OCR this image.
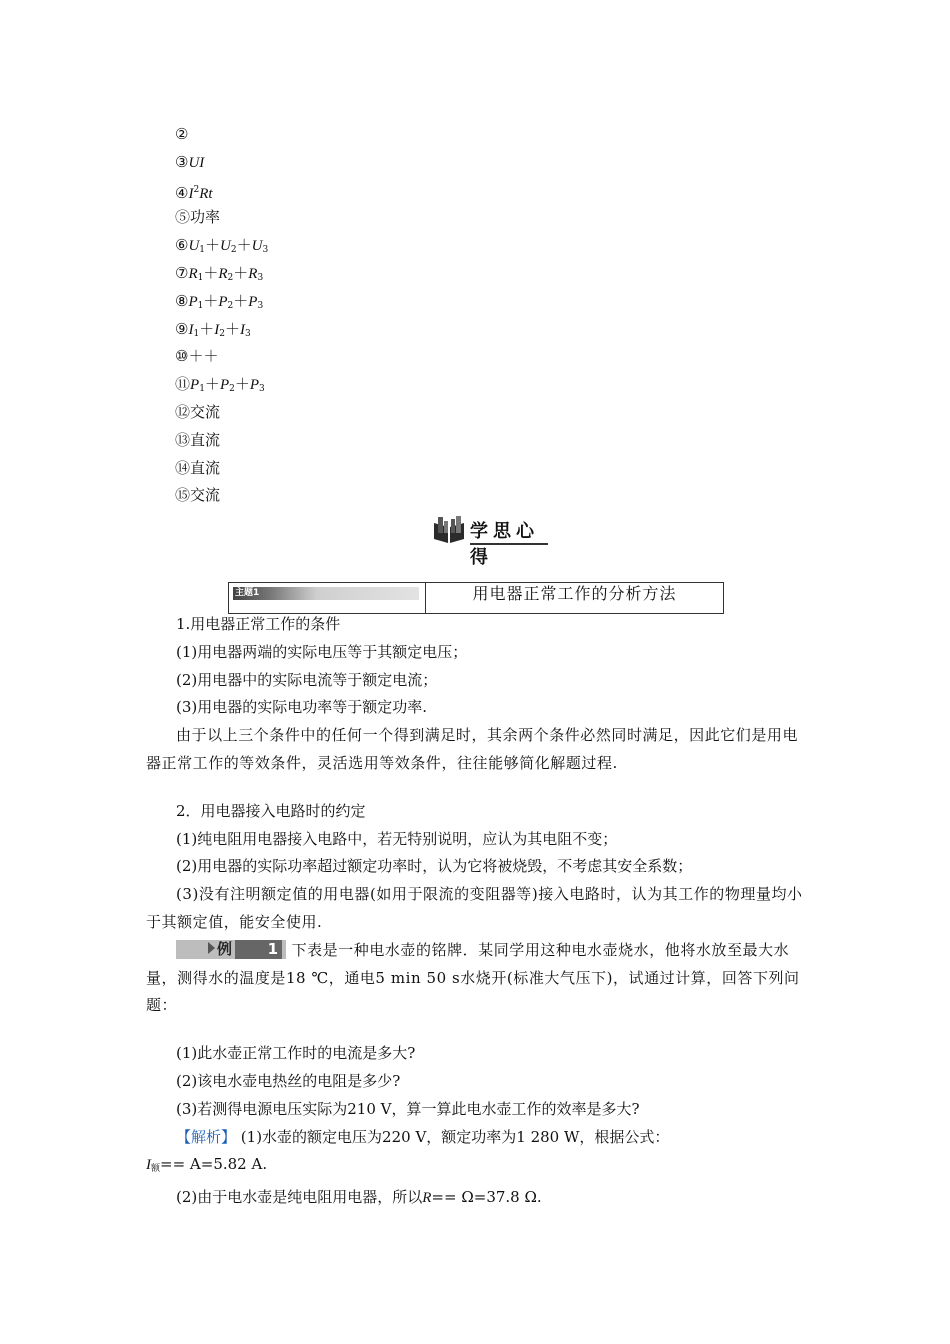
②
③UI
$④I^2Rt$
⑤功率
$⑥U_1+U_2+U_3$
$⑦R_1+R_2+R_3$
$⑧P_1+P_2+P_3$
$⑨I_1+I_2+I_3$
⑩＋＋
$⑪P_1+P_2+P_3$
⑫交流
⑬直流
⑭直流
⑮交流
学思心得
主题1	用电器正常工作的分析方法
1.用电器正常工作的条件
(1)用电器两端的实际电压等于其额定电压；
(2)用电器中的实际电流等于额定电流；
(3)用电器的实际电功率等于额定功率.
由于以上三个条件中的任何一个得到满足时，其余两个条件必然同时满足，因此它们是用电器正常工作的等效条件，灵活选用等效条件，往往能够简化解题过程.
2．用电器接入电路时的约定
(1)纯电阻用电器接入电路中，若无特别说明，应认为其电阻不变；
(2)用电器的实际功率超过额定功率时，认为它将被烧毁，不考虑其安全系数；
(3)没有注明额定值的用电器(如用于限流的变阻器等)接入电路时，认为其工作的物理量均小于其额定值，能安全使用.
例 1 下表是一种电水壶的铭牌．某同学用这种电水壶烧水，他将水放至最大水量，测得水的温度是18 ℃，通电5 min 50 s水烧开(标准大气压下)，试通过计算，回答下列问题：
(1)此水壶正常工作时的电流是多大?
(2)该电水壶电热丝的电阻是多少?
(3)若测得电源电压实际为210 V，算一算此电水壶工作的效率是多大?
【解析】 (1)水壶的额定电压为220 V，额定功率为1 280 W，根据公式：
$I_额== A=5.82$ A.
(2)由于电水壶是纯电阻用电器，所以R== Ω=37.8 Ω.
